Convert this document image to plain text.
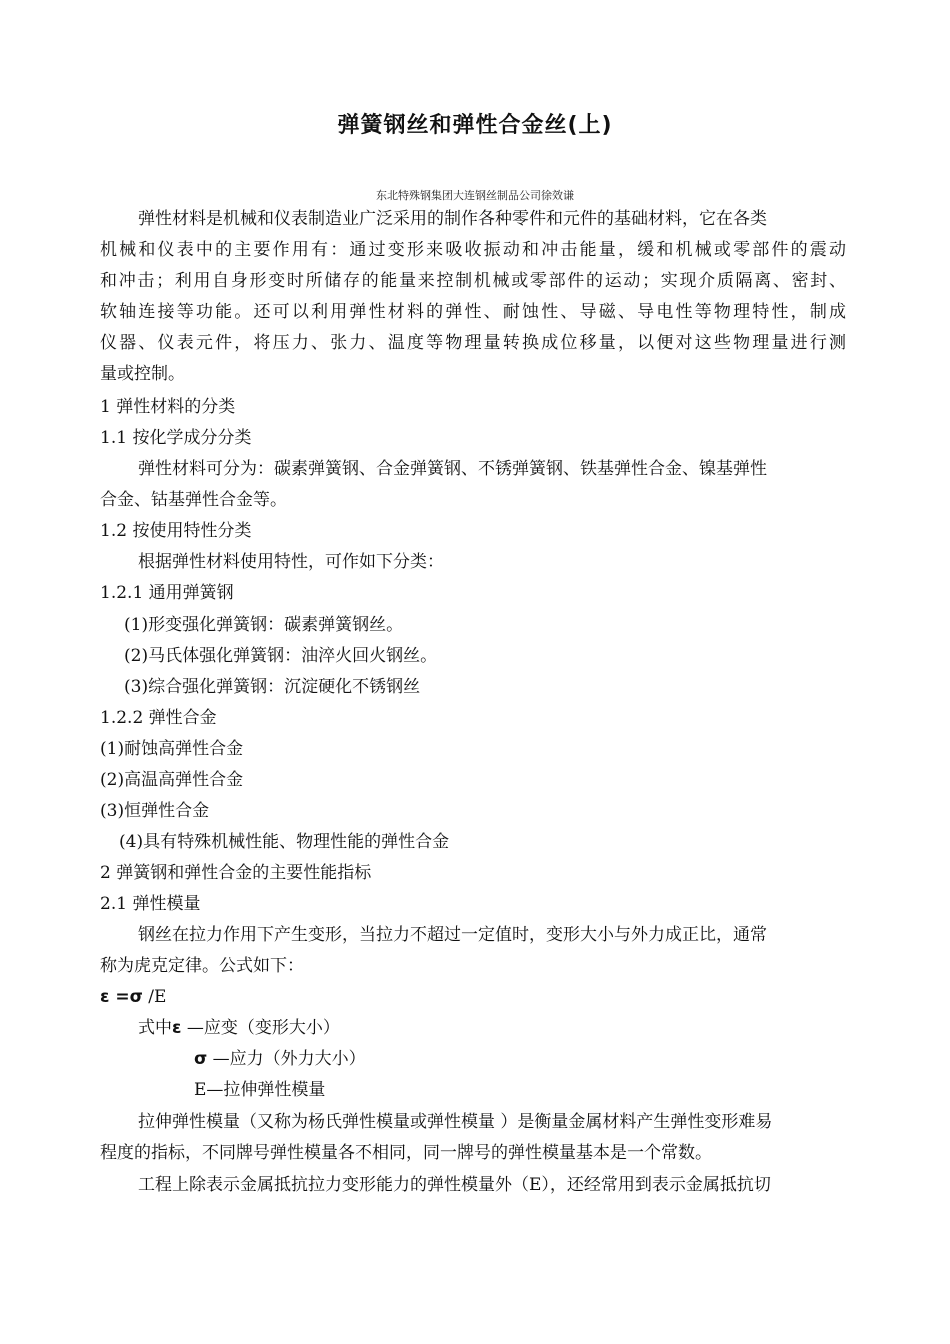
弹簧钢丝和弹性合金丝(上)
东北特殊钢集团大连钢丝制品公司徐效谦
弹性材料是机械和仪表制造业广泛采用的制作各种零件和元件的基础材料，它在各类
机械和仪表中的主要作用有：通过变形来吸收振动和冲击能量，缓和机械或零部件的震动
和冲击；利用自身形变时所储存的能量来控制机械或零部件的运动；实现介质隔离、密封、
软轴连接等功能。还可以利用弹性材料的弹性、耐蚀性、导磁、导电性等物理特性，制成
仪器、仪表元件，将压力、张力、温度等物理量转换成位移量，以便对这些物理量进行测
量或控制。
1 弹性材料的分类
1.1 按化学成分分类
弹性材料可分为：碳素弹簧钢、合金弹簧钢、不锈弹簧钢、铁基弹性合金、镍基弹性
合金、钴基弹性合金等。
1.2 按使用特性分类
根据弹性材料使用特性，可作如下分类：
1.2.1 通用弹簧钢
(1)形变强化弹簧钢：碳素弹簧钢丝。
(2)马氏体强化弹簧钢：油淬火回火钢丝。
(3)综合强化弹簧钢：沉淀硬化不锈钢丝
1.2.2 弹性合金
(1)耐蚀高弹性合金
(2)高温高弹性合金
(3)恒弹性合金
(4)具有特殊机械性能、物理性能的弹性合金
2 弹簧钢和弹性合金的主要性能指标
2.1 弹性模量
钢丝在拉力作用下产生变形，当拉力不超过一定值时，变形大小与外力成正比，通常
称为虎克定律。公式如下：
ε =σ /E
式中ε —应变（变形大小）
σ —应力（外力大小）
E—拉伸弹性模量
拉伸弹性模量（又称为杨氏弹性模量或弹性模量 ）是衡量金属材料产生弹性变形难易
程度的指标，不同牌号弹性模量各不相同，同一牌号的弹性模量基本是一个常数。
工程上除表示金属抵抗拉力变形能力的弹性模量外（E），还经常用到表示金属抵抗切
